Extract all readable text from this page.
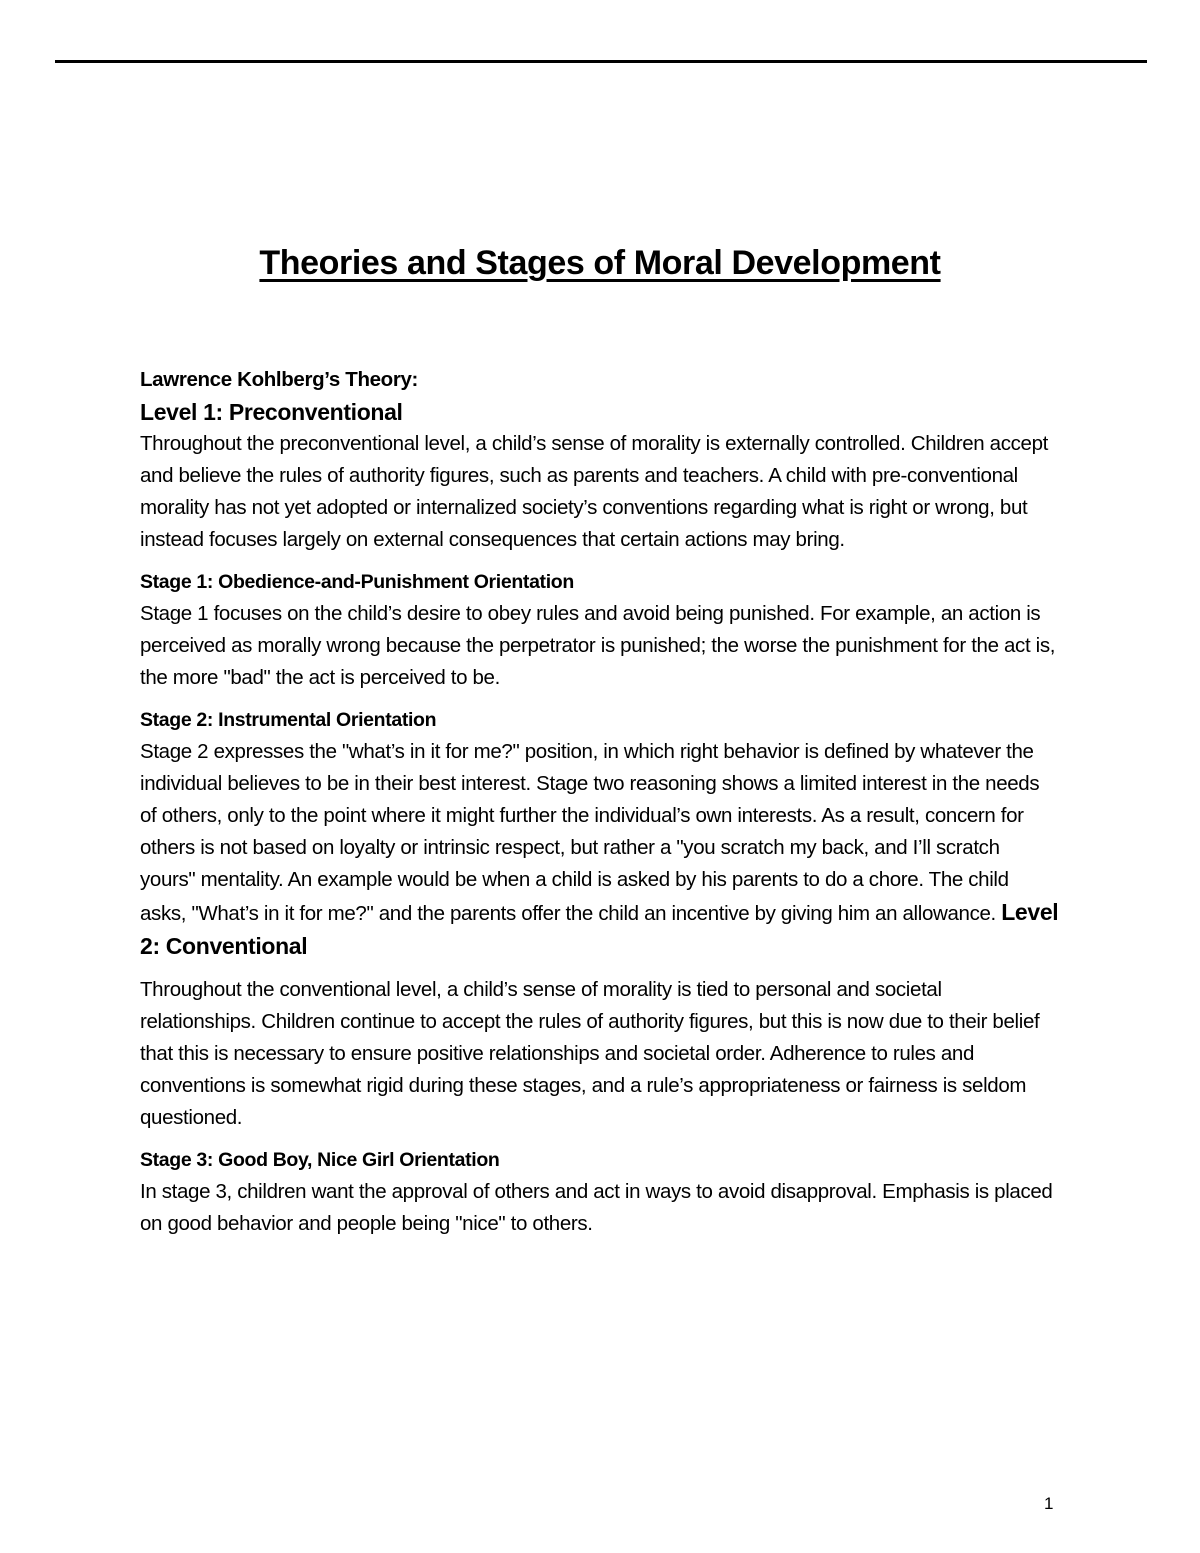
Theories and Stages of Moral Development

Lawrence Kohlberg’s Theory:

Level 1: Preconventional

Throughout the preconventional level, a child’s sense of morality is externally controlled. Children accept and believe the rules of authority figures, such as parents and teachers. A child with pre-conventional morality has not yet adopted or internalized society’s conventions regarding what is right or wrong, but instead focuses largely on external consequences that certain actions may bring.

Stage 1: Obedience-and-Punishment Orientation

Stage 1 focuses on the child’s desire to obey rules and avoid being punished. For example, an action is perceived as morally wrong because the perpetrator is punished; the worse the punishment for the act is, the more "bad" the act is perceived to be.

Stage 2: Instrumental Orientation

Stage 2 expresses the "what’s in it for me?" position, in which right behavior is defined by whatever the individual believes to be in their best interest. Stage two reasoning shows a limited interest in the needs of others, only to the point where it might further the individual’s own interests. As a result, concern for others is not based on loyalty or intrinsic respect, but rather a "you scratch my back, and I’ll scratch yours" mentality. An example would be when a child is asked by his parents to do a chore. The child asks, "What’s in it for me?" and the parents offer the child an incentive by giving him an allowance. Level 2: Conventional

Throughout the conventional level, a child’s sense of morality is tied to personal and societal relationships. Children continue to accept the rules of authority figures, but this is now due to their belief that this is necessary to ensure positive relationships and societal order. Adherence to rules and conventions is somewhat rigid during these stages, and a rule’s appropriateness or fairness is seldom questioned.

Stage 3: Good Boy, Nice Girl Orientation

In stage 3, children want the approval of others and act in ways to avoid disapproval. Emphasis is placed on good behavior and people being "nice" to others.

1
